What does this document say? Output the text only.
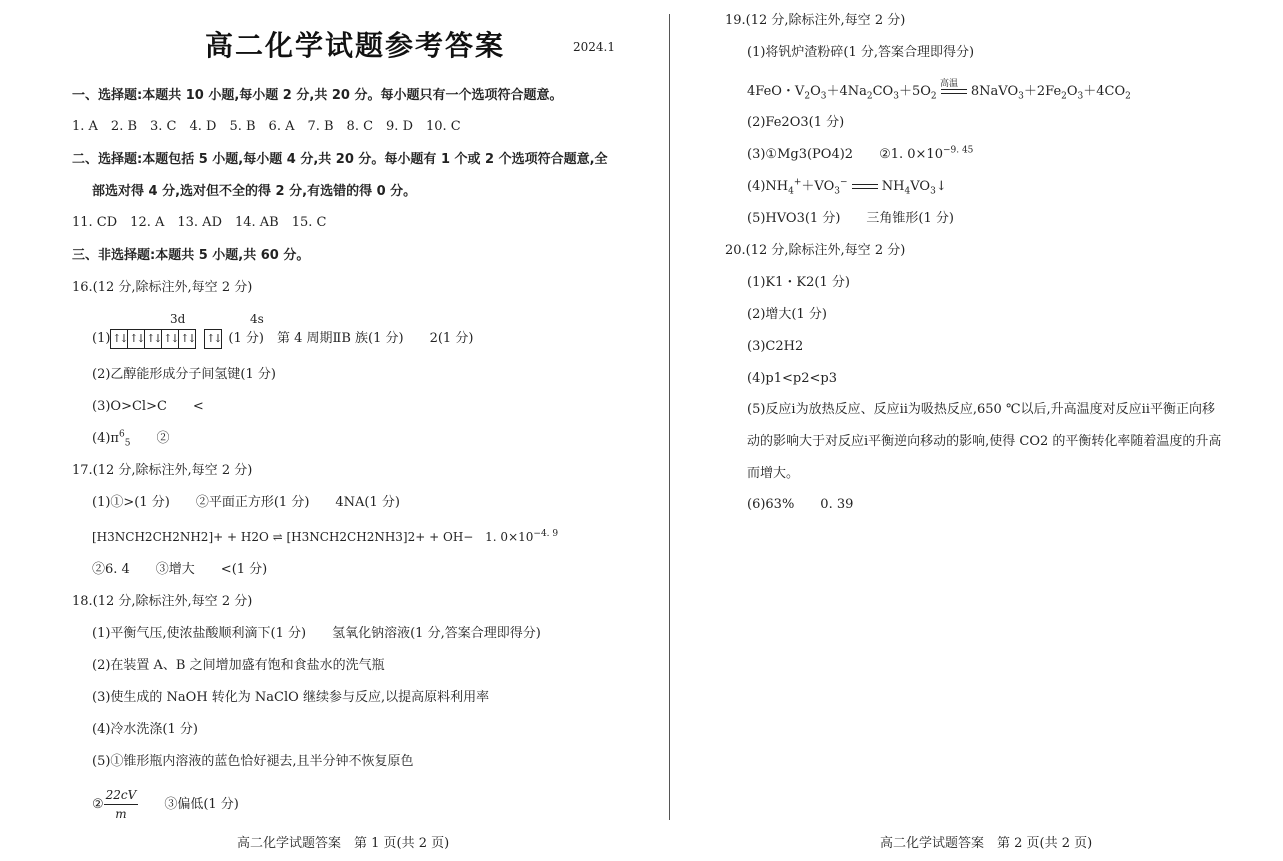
高二化学试题参考答案	2024.1
一、选择题:本题共 10 小题,每小题 2 分,共 20 分。每小题只有一个选项符合题意。
1. A　2. B　3. C　4. D　5. B　6. A　7. B　8. C　9. D　10. C
二、选择题:本题包括 5 小题,每小题 4 分,共 20 分。每小题有 1 个或 2 个选项符合题意,全
部选对得 4 分,选对但不全的得 2 分,有选错的得 0 分。
11. CD　12. A　13. AD　14. AB　15. C
三、非选择题:本题共 5 小题,共 60 分。
16.(12 分,除标注外,每空 2 分)
3d	4s
(1) ↑↓ ↑↓ ↑↓ ↑↓ ↑↓ ↑↓ (1 分)　第 4 周期ⅡB 族(1 分)　　2(1 分)
(2)乙醇能形成分子间氢键(1 分)
(3)O>Cl>C　　<
$(4)\pi^6_5$　　②
17.(12 分,除标注外,每空 2 分)
(1)①>(1 分)　　②平面正方形(1 分)　　4NA(1 分)
[H3NCH2CH2NH2]+ + H2O ⇌ [H3NCH2CH2NH3]2+ + OH− 1. $0\times 10^{-4. 9}$
②6. 4　　③增大　　<(1 分)
18.(12 分,除标注外,每空 2 分)
(1)平衡气压,使浓盐酸顺利滴下(1 分)　　氢氧化钠溶液(1 分,答案合理即得分)
(2)在装置 A、B 之间增加盛有饱和食盐水的洗气瓶
(3)使生成的 NaOH 转化为 NaClO 继续参与反应,以提高原料利用率
(4)冷水洗涤(1 分)
(5)①锥形瓶内溶液的蓝色恰好褪去,且半分钟不恢复原色
② $\frac{22cV}{m}$ ③偏低(1 分)
高二化学试题答案　第 1 页(共 2 页)
19.(12 分,除标注外,每空 2 分)
(1)将钒炉渣粉碎(1 分,答案合理即得分)
高温
4FeO・$V_2O_3+4Na_2CO_3+5O_2$  $8NaVO_3+2Fe_2O_3+4CO_2$
(2)Fe2O3(1 分)
(3)①Mg3(PO4)2　　②1. $0\times 10^{-9. 45}$
$(4)NH_4^++VO_3^-$  $NH_4VO_3↓$
(5)HVO3(1 分)　　三角锥形(1 分)
20.(12 分,除标注外,每空 2 分)
(1)K1・K2(1 分)
(2)增大(1 分)
(3)C2H2
(4)p1<p2<p3
(5)反应ⅰ为放热反应、反应ⅱ为吸热反应,650 ℃以后,升高温度对反应ⅱ平衡正向移
动的影响大于对反应ⅰ平衡逆向移动的影响,使得 CO2 的平衡转化率随着温度的升高
而增大。
(6)63%　　0. 39
高二化学试题答案　第 2 页(共 2 页)
